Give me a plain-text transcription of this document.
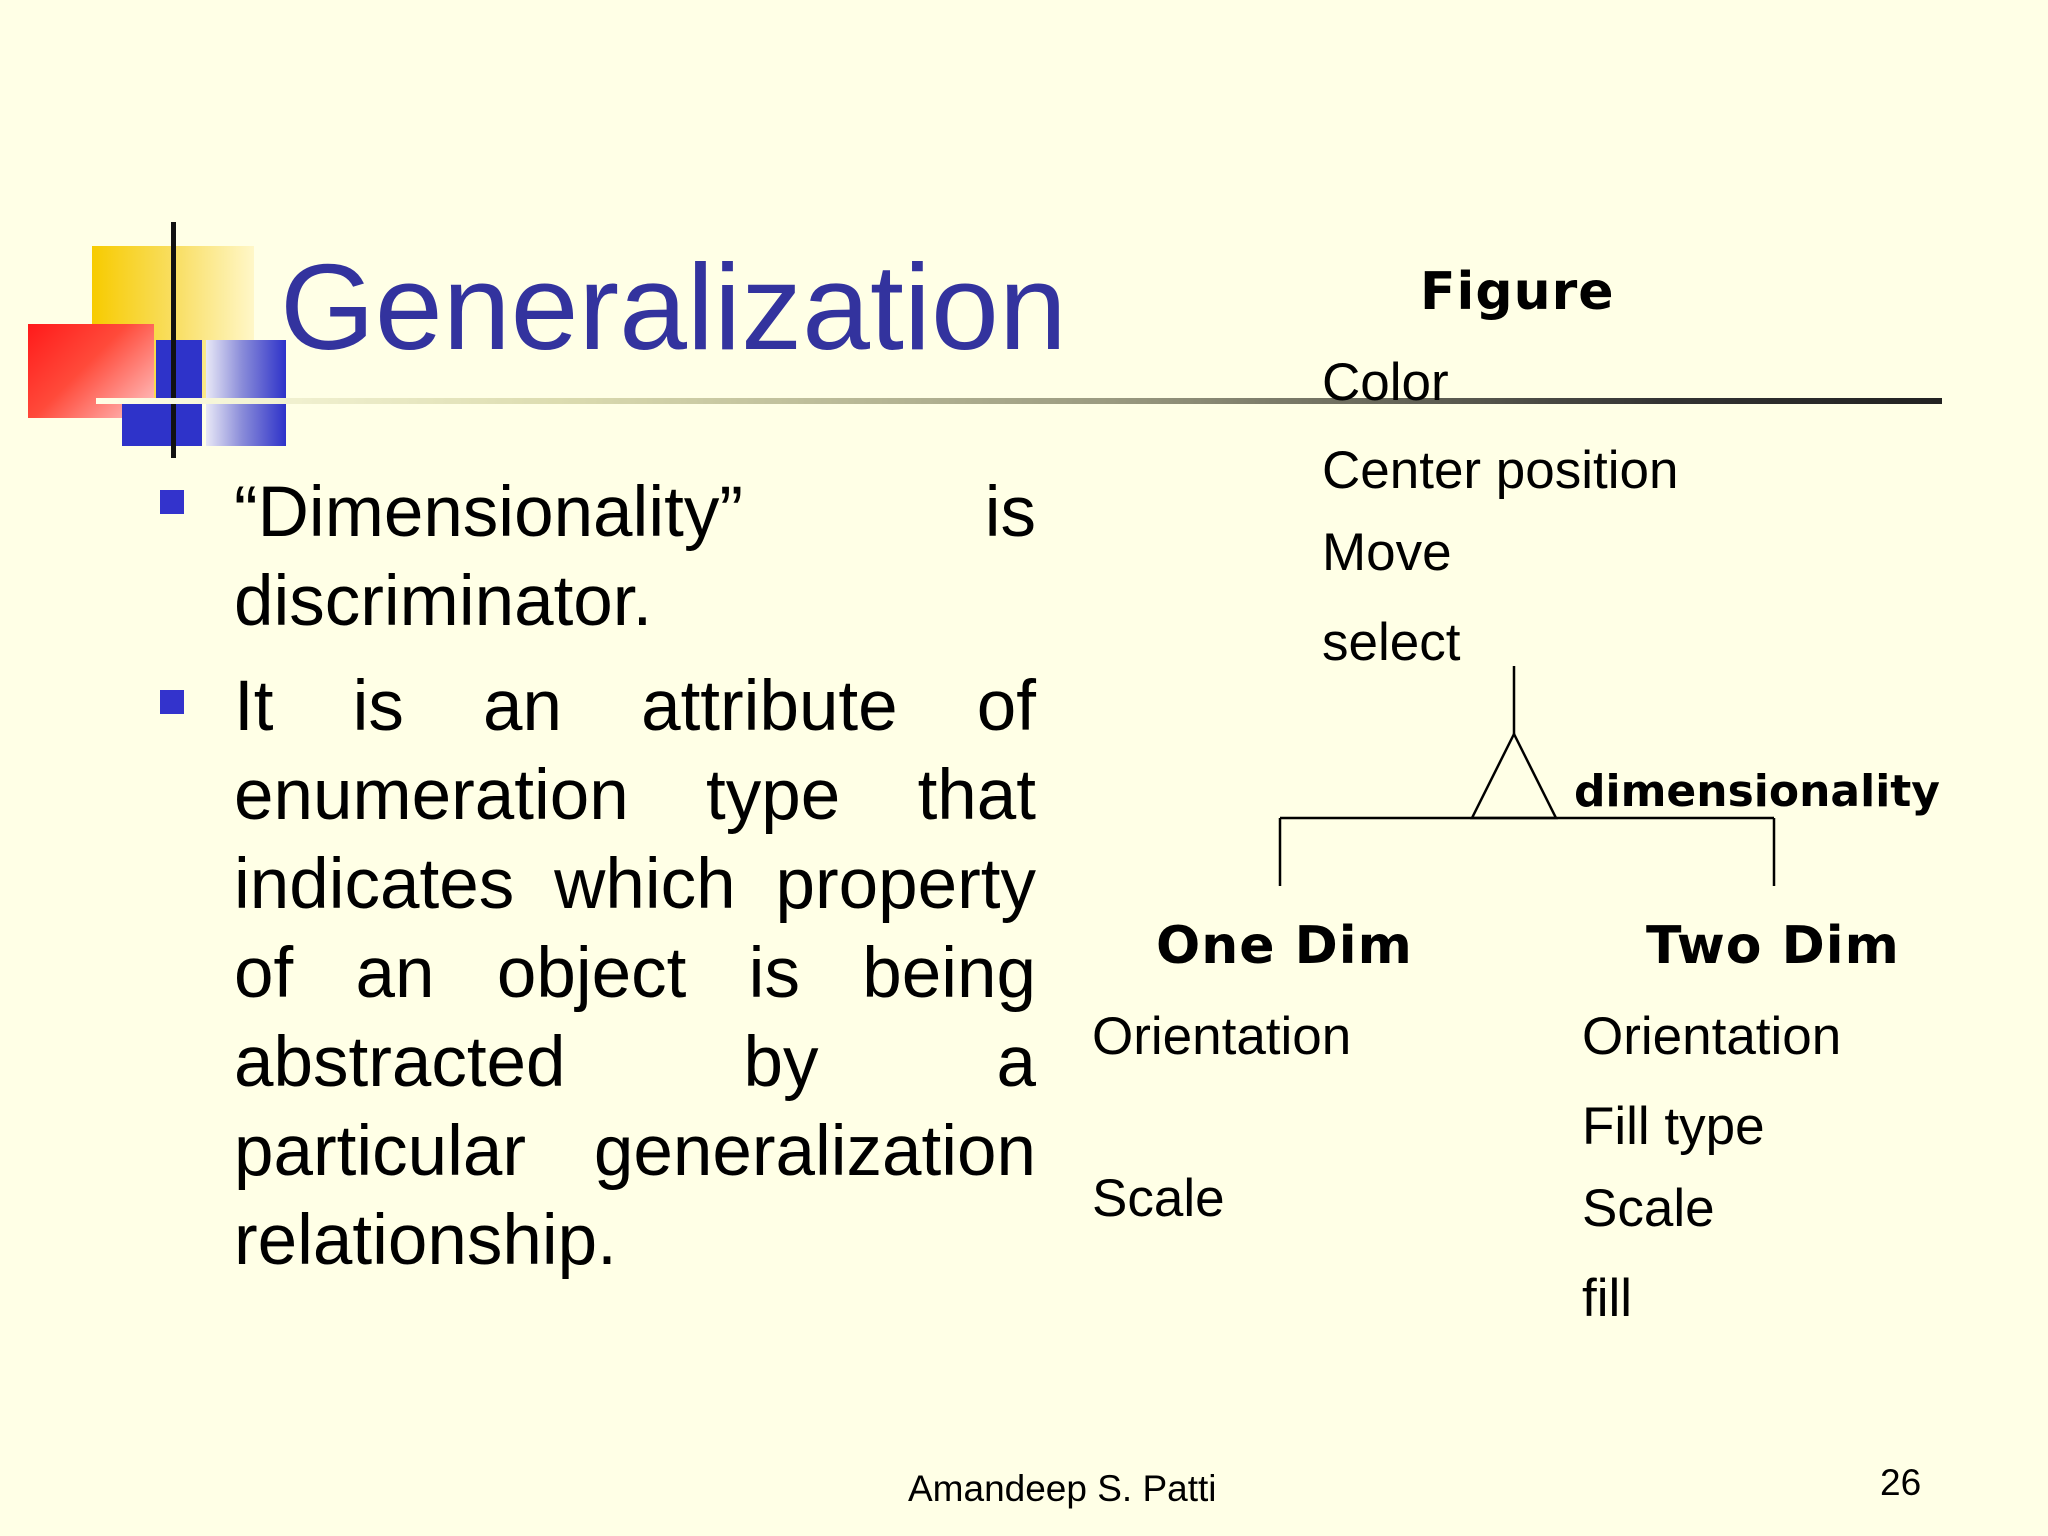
Generalization
“Dimensionality” is
discriminator.
It is an attribute of
enumeration type that
indicates which property
of an object is being
abstracted by a
particular generalization
relationship.
Figure
Color
Center position
Move
select
dimensionality
One Dim
Orientation
Scale
Two Dim
Orientation
Fill type
Scale
fill
Amandeep S. Patti	26
